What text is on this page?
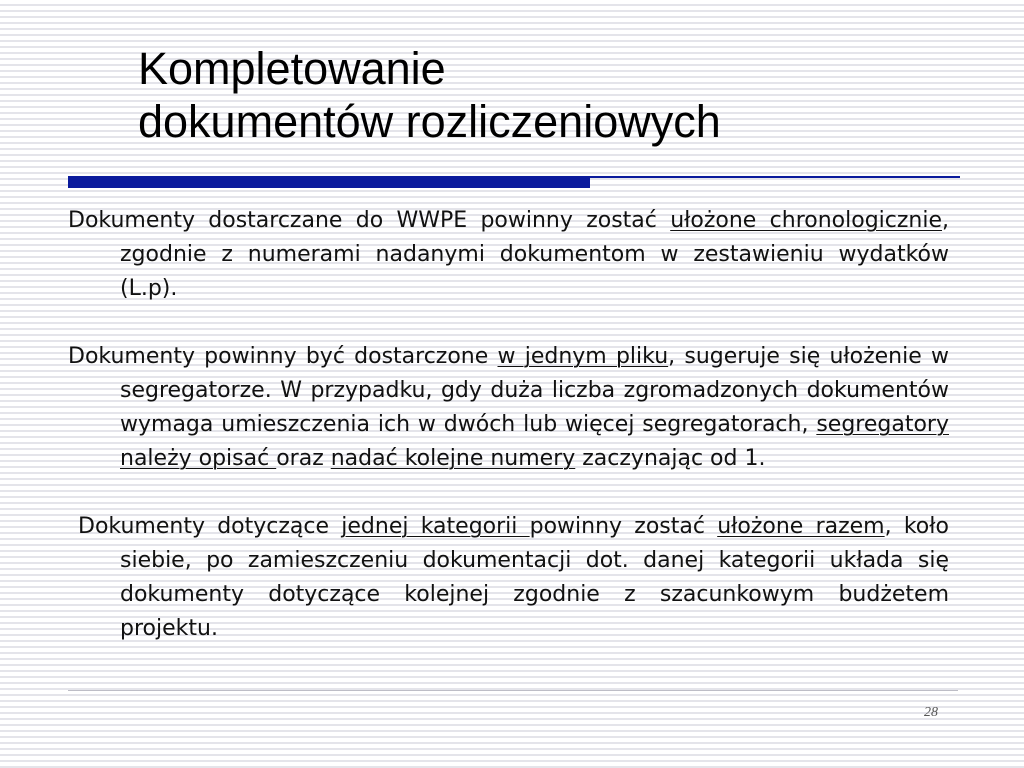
Kompletowanie
dokumentów rozliczeniowych

Dokumenty dostarczane do WWPE powinny zostać ułożone chronologicznie, zgodnie z numerami nadanymi dokumentom w zestawieniu wydatków (L.p).

Dokumenty powinny być dostarczone w jednym pliku, sugeruje się ułożenie w segregatorze. W przypadku, gdy duża liczba zgromadzonych dokumentów wymaga umieszczenia ich w dwóch lub więcej segregatorach, segregatory należy opisać oraz nadać kolejne numery zaczynając od 1.

Dokumenty dotyczące jednej kategorii powinny zostać ułożone razem, koło siebie, po zamieszczeniu dokumentacji dot. danej kategorii układa się dokumenty dotyczące kolejnej zgodnie z szacunkowym budżetem projektu.

28
